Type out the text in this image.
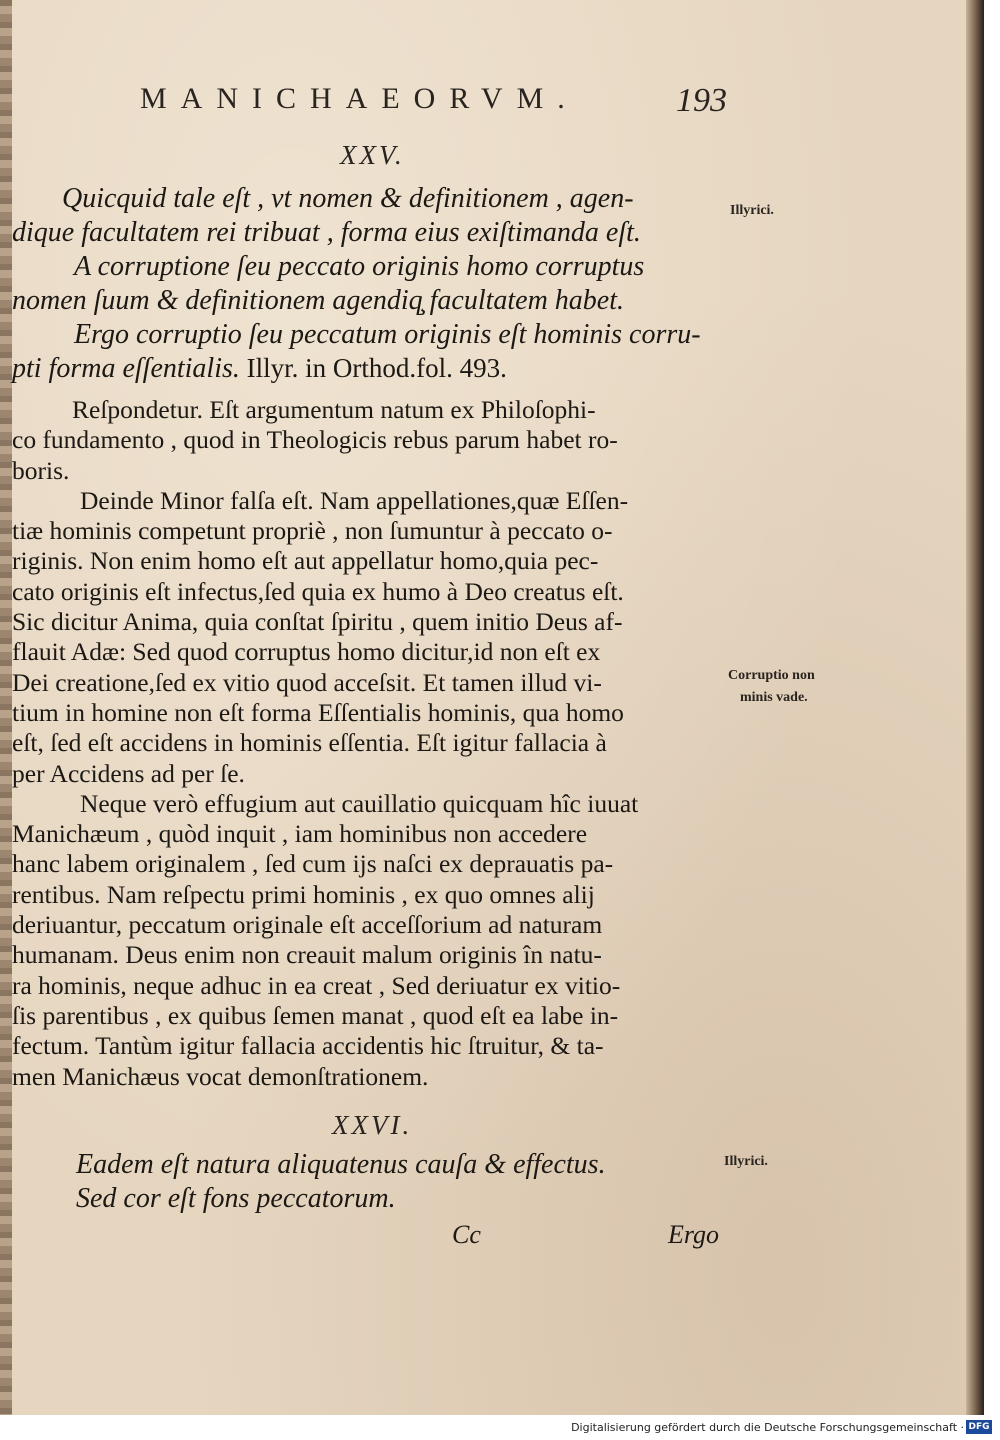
MANICHAEORVM.	193
XXV.
Quicquid tale eſt , vt nomen & definitionem , agen-
dique facultatem rei tribuat , forma eius exiſtimanda eſt.
A corruptione ſeu peccato originis homo corruptus
nomen ſuum & definitionem agendiq̧ facultatem habet.
Ergo corruptio ſeu peccatum originis eſt hominis corru-
pti forma eſſentialis. Illyr. in Orthod.fol. 493.
Reſpondetur. Eſt argumentum natum ex Philoſophi-
co fundamento , quod in Theologicis rebus parum habet ro-
boris.
Deinde Minor falſa eſt. Nam appellationes,quæ Eſſen-
tiæ hominis competunt propriè , non ſumuntur à peccato o-
riginis. Non enim homo eſt aut appellatur homo,quia pec-
cato originis eſt infectus,ſed quia ex humo à Deo creatus eſt.
Sic dicitur Anima, quia conſtat ſpiritu , quem initio Deus af-
flauit Adæ: Sed quod corruptus homo dicitur,id non eſt ex
Dei creatione,ſed ex vitio quod acceſsit. Et tamen illud vi-
tium in homine non eſt forma Eſſentialis hominis, qua homo
eſt, ſed eſt accidens in hominis eſſentia. Eſt igitur fallacia à
per Accidens ad per ſe.
Neque verò effugium aut cauillatio quicquam hîc iuuat
Manichæum , quòd inquit , iam hominibus non accedere
hanc labem originalem , ſed cum ijs naſci ex deprauatis pa-
rentibus. Nam reſpectu primi hominis , ex quo omnes alij
deriuantur, peccatum originale eſt acceſſorium ad naturam
humanam. Deus enim non creauit malum originis în natu-
ra hominis, neque adhuc in ea creat , Sed deriuatur ex vitio-
ſis parentibus , ex quibus ſemen manat , quod eſt ea labe in-
fectum. Tantùm igitur fallacia accidentis hic ſtruitur, & ta-
men Manichæus vocat demonſtrationem.
XXVI.
Eadem eſt natura aliquatenus cauſa & effectus.
Sed cor eſt fons peccatorum.
Cc	Ergo
Illyrici.
Corruptio non
minis vade.
Illyrici.
Digitalisierung gefördert durch die Deutsche Forschungsgemeinschaft · DFG
